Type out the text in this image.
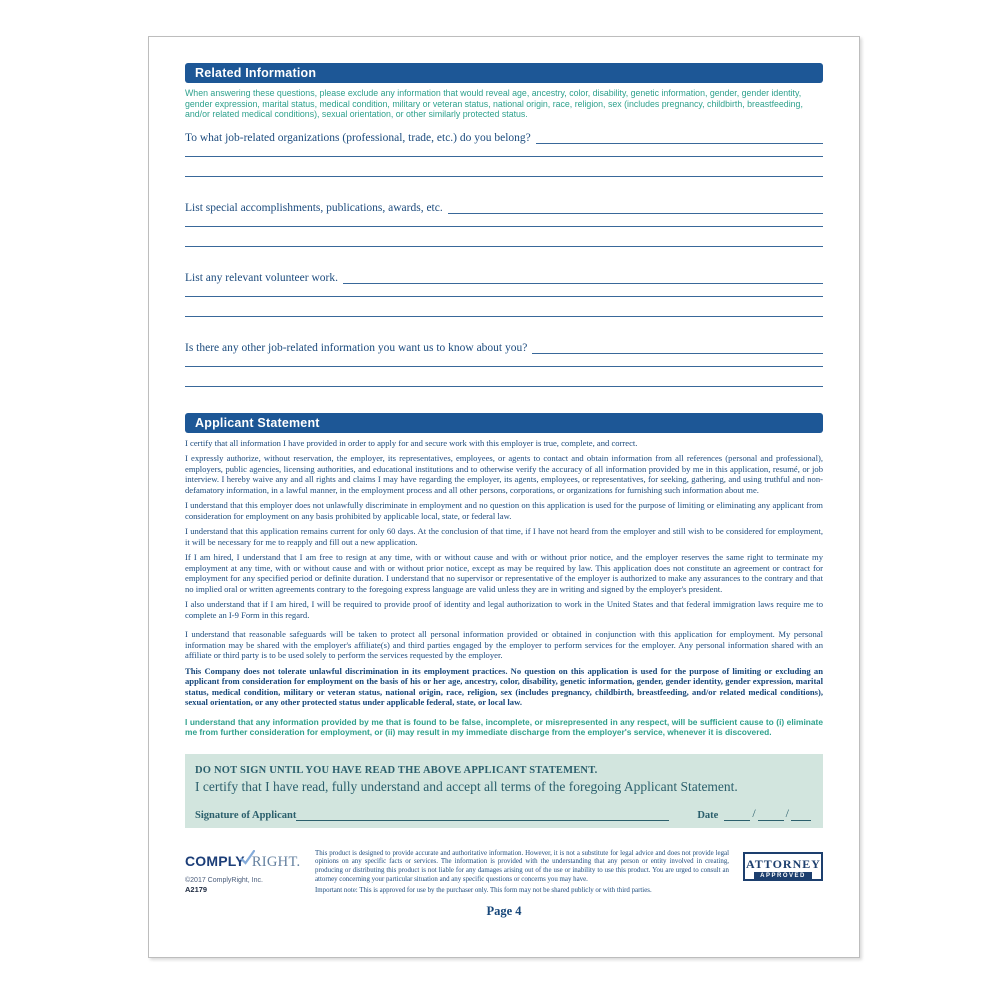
Related Information
When answering these questions, please exclude any information that would reveal age, ancestry, color, disability, genetic information, gender, gender identity, gender expression, marital status, medical condition, military or veteran status, national origin, race, religion, sex (includes pregnancy, childbirth, breastfeeding, and/or related medical conditions), sexual orientation, or other similarly protected status.
To what job-related organizations (professional, trade, etc.) do you belong?
List special accomplishments, publications, awards, etc.
List any relevant volunteer work.
Is there any other job-related information you want us to know about you?
Applicant Statement

I certify that all information I have provided in order to apply for and secure work with this employer is true, complete, and correct.

I expressly authorize, without reservation, the employer, its representatives, employees, or agents to contact and obtain information from all references (personal and professional), employers, public agencies, licensing authorities, and educational institutions and to otherwise verify the accuracy of all information provided by me in this application, resumé, or job interview. I hereby waive any and all rights and claims I may have regarding the employer, its agents, employees, or representatives, for seeking, gathering, and using truthful and non-defamatory information, in a lawful manner, in the employment process and all other persons, corporations, or organizations for furnishing such information about me.

I understand that this employer does not unlawfully discriminate in employment and no question on this application is used for the purpose of limiting or eliminating any applicant from consideration for employment on any basis prohibited by applicable local, state, or federal law.

I understand that this application remains current for only 60 days. At the conclusion of that time, if I have not heard from the employer and still wish to be considered for employment, it will be necessary for me to reapply and fill out a new application.

If I am hired, I understand that I am free to resign at any time, with or without cause and with or without prior notice, and the employer reserves the same right to terminate my employment at any time, with or without cause and with or without prior notice, except as may be required by law. This application does not constitute an agreement or contract for employment for any specified period or definite duration. I understand that no supervisor or representative of the employer is authorized to make any assurances to the contrary and that no implied oral or written agreements contrary to the foregoing express language are valid unless they are in writing and signed by the employer's president.

I also understand that if I am hired, I will be required to provide proof of identity and legal authorization to work in the United States and that federal immigration laws require me to complete an I-9 Form in this regard.

I understand that reasonable safeguards will be taken to protect all personal information provided or obtained in conjunction with this application for employment. My personal information may be shared with the employer's affiliate(s) and third parties engaged by the employer to perform services for the employer. Any personal information shared with an affiliate or third party is to be used solely to perform the services requested by the employer.

This Company does not tolerate unlawful discrimination in its employment practices. No question on this application is used for the purpose of limiting or excluding an applicant from consideration for employment on the basis of his or her age, ancestry, color, disability, genetic information, gender, gender identity, gender expression, marital status, medical condition, military or veteran status, national origin, race, religion, sex (includes pregnancy, childbirth, breastfeeding, and/or related medical conditions), sexual orientation, or any other protected status under applicable federal, state, or local law.

I understand that any information provided by me that is found to be false, incomplete, or misrepresented in any respect, will be sufficient cause to (i) eliminate me from further consideration for employment, or (ii) may result in my immediate discharge from the employer's service, whenever it is discovered.

DO NOT SIGN UNTIL YOU HAVE READ THE ABOVE APPLICANT STATEMENT.
I certify that I have read, fully understand and accept all terms of the foregoing Applicant Statement.
Signature of Applicant	Date	/	/
COMPLY RIGHT.
©2017 ComplyRight, Inc.
A2179

This product is designed to provide accurate and authoritative information. However, it is not a substitute for legal advice and does not provide legal opinions on any specific facts or services. The information is provided with the understanding that any person or entity involved in creating, producing or distributing this product is not liable for any damages arising out of the use or inability to use this product. You are urged to consult an attorney concerning your particular situation and any specific questions or concerns you may have.

Important note: This is approved for use by the purchaser only. This form may not be shared publicly or with third parties.

ATTORNEY
APPROVED
Page 4
